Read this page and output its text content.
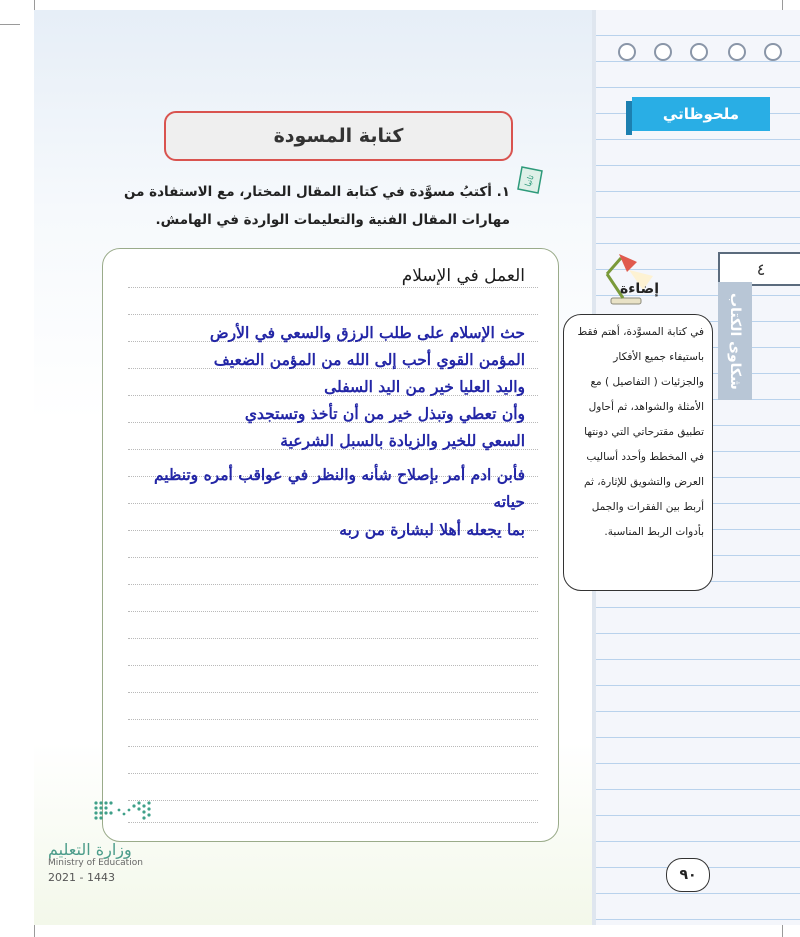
ملحوظاتي
٤
شكاوى الكتاب
كتابة المسودة
ثانيا
١. أكتبُ مسوَّدة في كتابة المقال المختار، مع الاستفادة من مهارات المقال الفنية والتعليمات الواردة في الهامش.
العمل في الإسلام
حث الإسلام على طلب الرزق والسعي في الأرض
المؤمن القوي أحب إلى الله من المؤمن الضعيف
واليد العليا خير من اليد السفلى
وأن تعطي وتبذل خير من أن تأخذ وتستجدي
السعي للخير والزيادة بالسبل الشرعية
فأبن ادم أمر بإصلاح شأنه والنظر في عواقب أمره وتنظيم
حياته
بما يجعله أهلا لبشارة من ربه
إضاءة
في كتابة المسوَّدة، أهتم فقط باستيفاء جميع الأفكار والجزئيات ( التفاصيل ) مع الأمثلة والشواهد، ثم أحاول تطبيق مقترحاتي التي دونتها في المخطط وأحدد أساليب العرض والتشويق للإثارة، ثم أربط بين الفقرات والجمل بأدوات الربط المناسبة.
وزارة التعليم
Ministry of Education
2021 - 1443	٩٠
